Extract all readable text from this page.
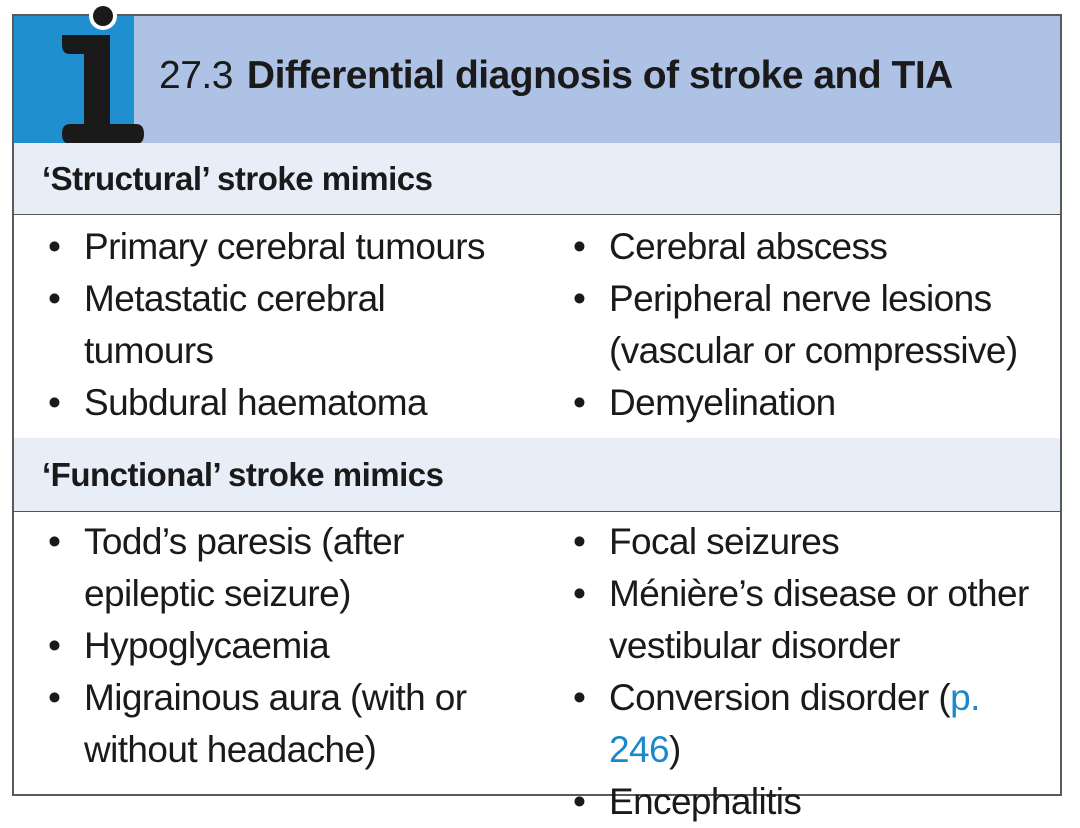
27.3 Differential diagnosis of stroke and TIA
‘Structural’ stroke mimics
• Primary cerebral tumours
• Metastatic cerebral tumours
• Subdural haematoma
• Cerebral abscess
• Peripheral nerve lesions (vascular or compressive)
• Demyelination
‘Functional’ stroke mimics
• Todd’s paresis (after epileptic seizure)
• Hypoglycaemia
• Migrainous aura (with or without headache)
• Focal seizures
• Ménière’s disease or other vestibular disorder
• Conversion disorder (p. 246)
• Encephalitis
